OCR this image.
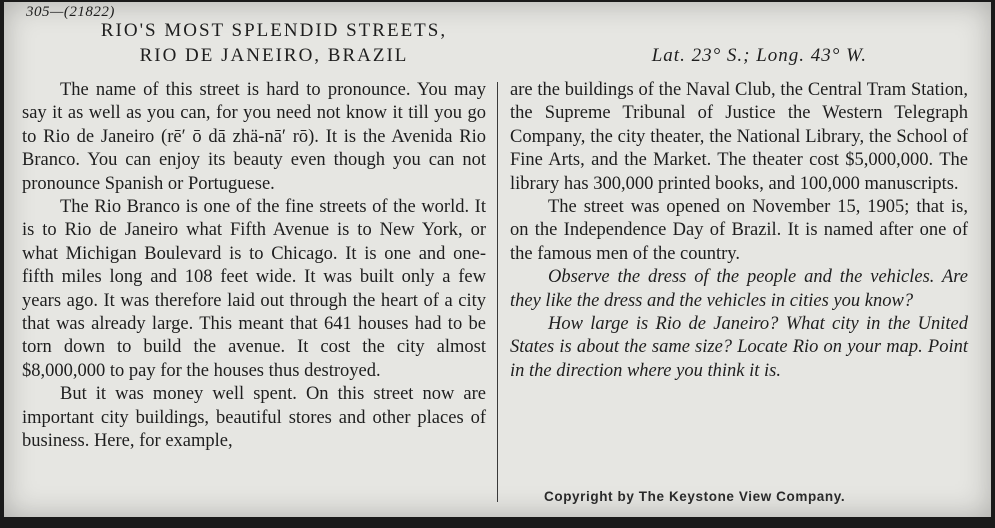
305—(21822)
RIO'S MOST SPLENDID STREETS,
RIO DE JANEIRO, BRAZIL	Lat. 23° S.; Long. 43° W.

The name of this street is hard to pronounce. You may say it as well as you can, for you need not know it till you go to Rio de Janeiro (rē′ ō dā zhä-nā′ rō). It is the Avenida Rio Branco. You can enjoy its beauty even though you can not pronounce Spanish or Portuguese.

The Rio Branco is one of the fine streets of the world. It is to Rio de Janeiro what Fifth Avenue is to New York, or what Michigan Boulevard is to Chicago. It is one and one-fifth miles long and 108 feet wide. It was built only a few years ago. It was therefore laid out through the heart of a city that was already large. This meant that 641 houses had to be torn down to build the avenue. It cost the city almost $8,000,000 to pay for the houses thus destroyed.

But it was money well spent. On this street now are important city buildings, beautiful stores and other places of business. Here, for example,

are the buildings of the Naval Club, the Central Tram Station, the Supreme Tribunal of Justice the Western Telegraph Company, the city theater, the National Library, the School of Fine Arts, and the Market. The theater cost $5,000,000. The library has 300,000 printed books, and 100,000 manuscripts.

The street was opened on November 15, 1905; that is, on the Independence Day of Brazil. It is named after one of the famous men of the country.

Observe the dress of the people and the vehicles. Are they like the dress and the vehicles in cities you know?

How large is Rio de Janeiro? What city in the United States is about the same size? Locate Rio on your map. Point in the direction where you think it is.

Copyright by The Keystone View Company.
